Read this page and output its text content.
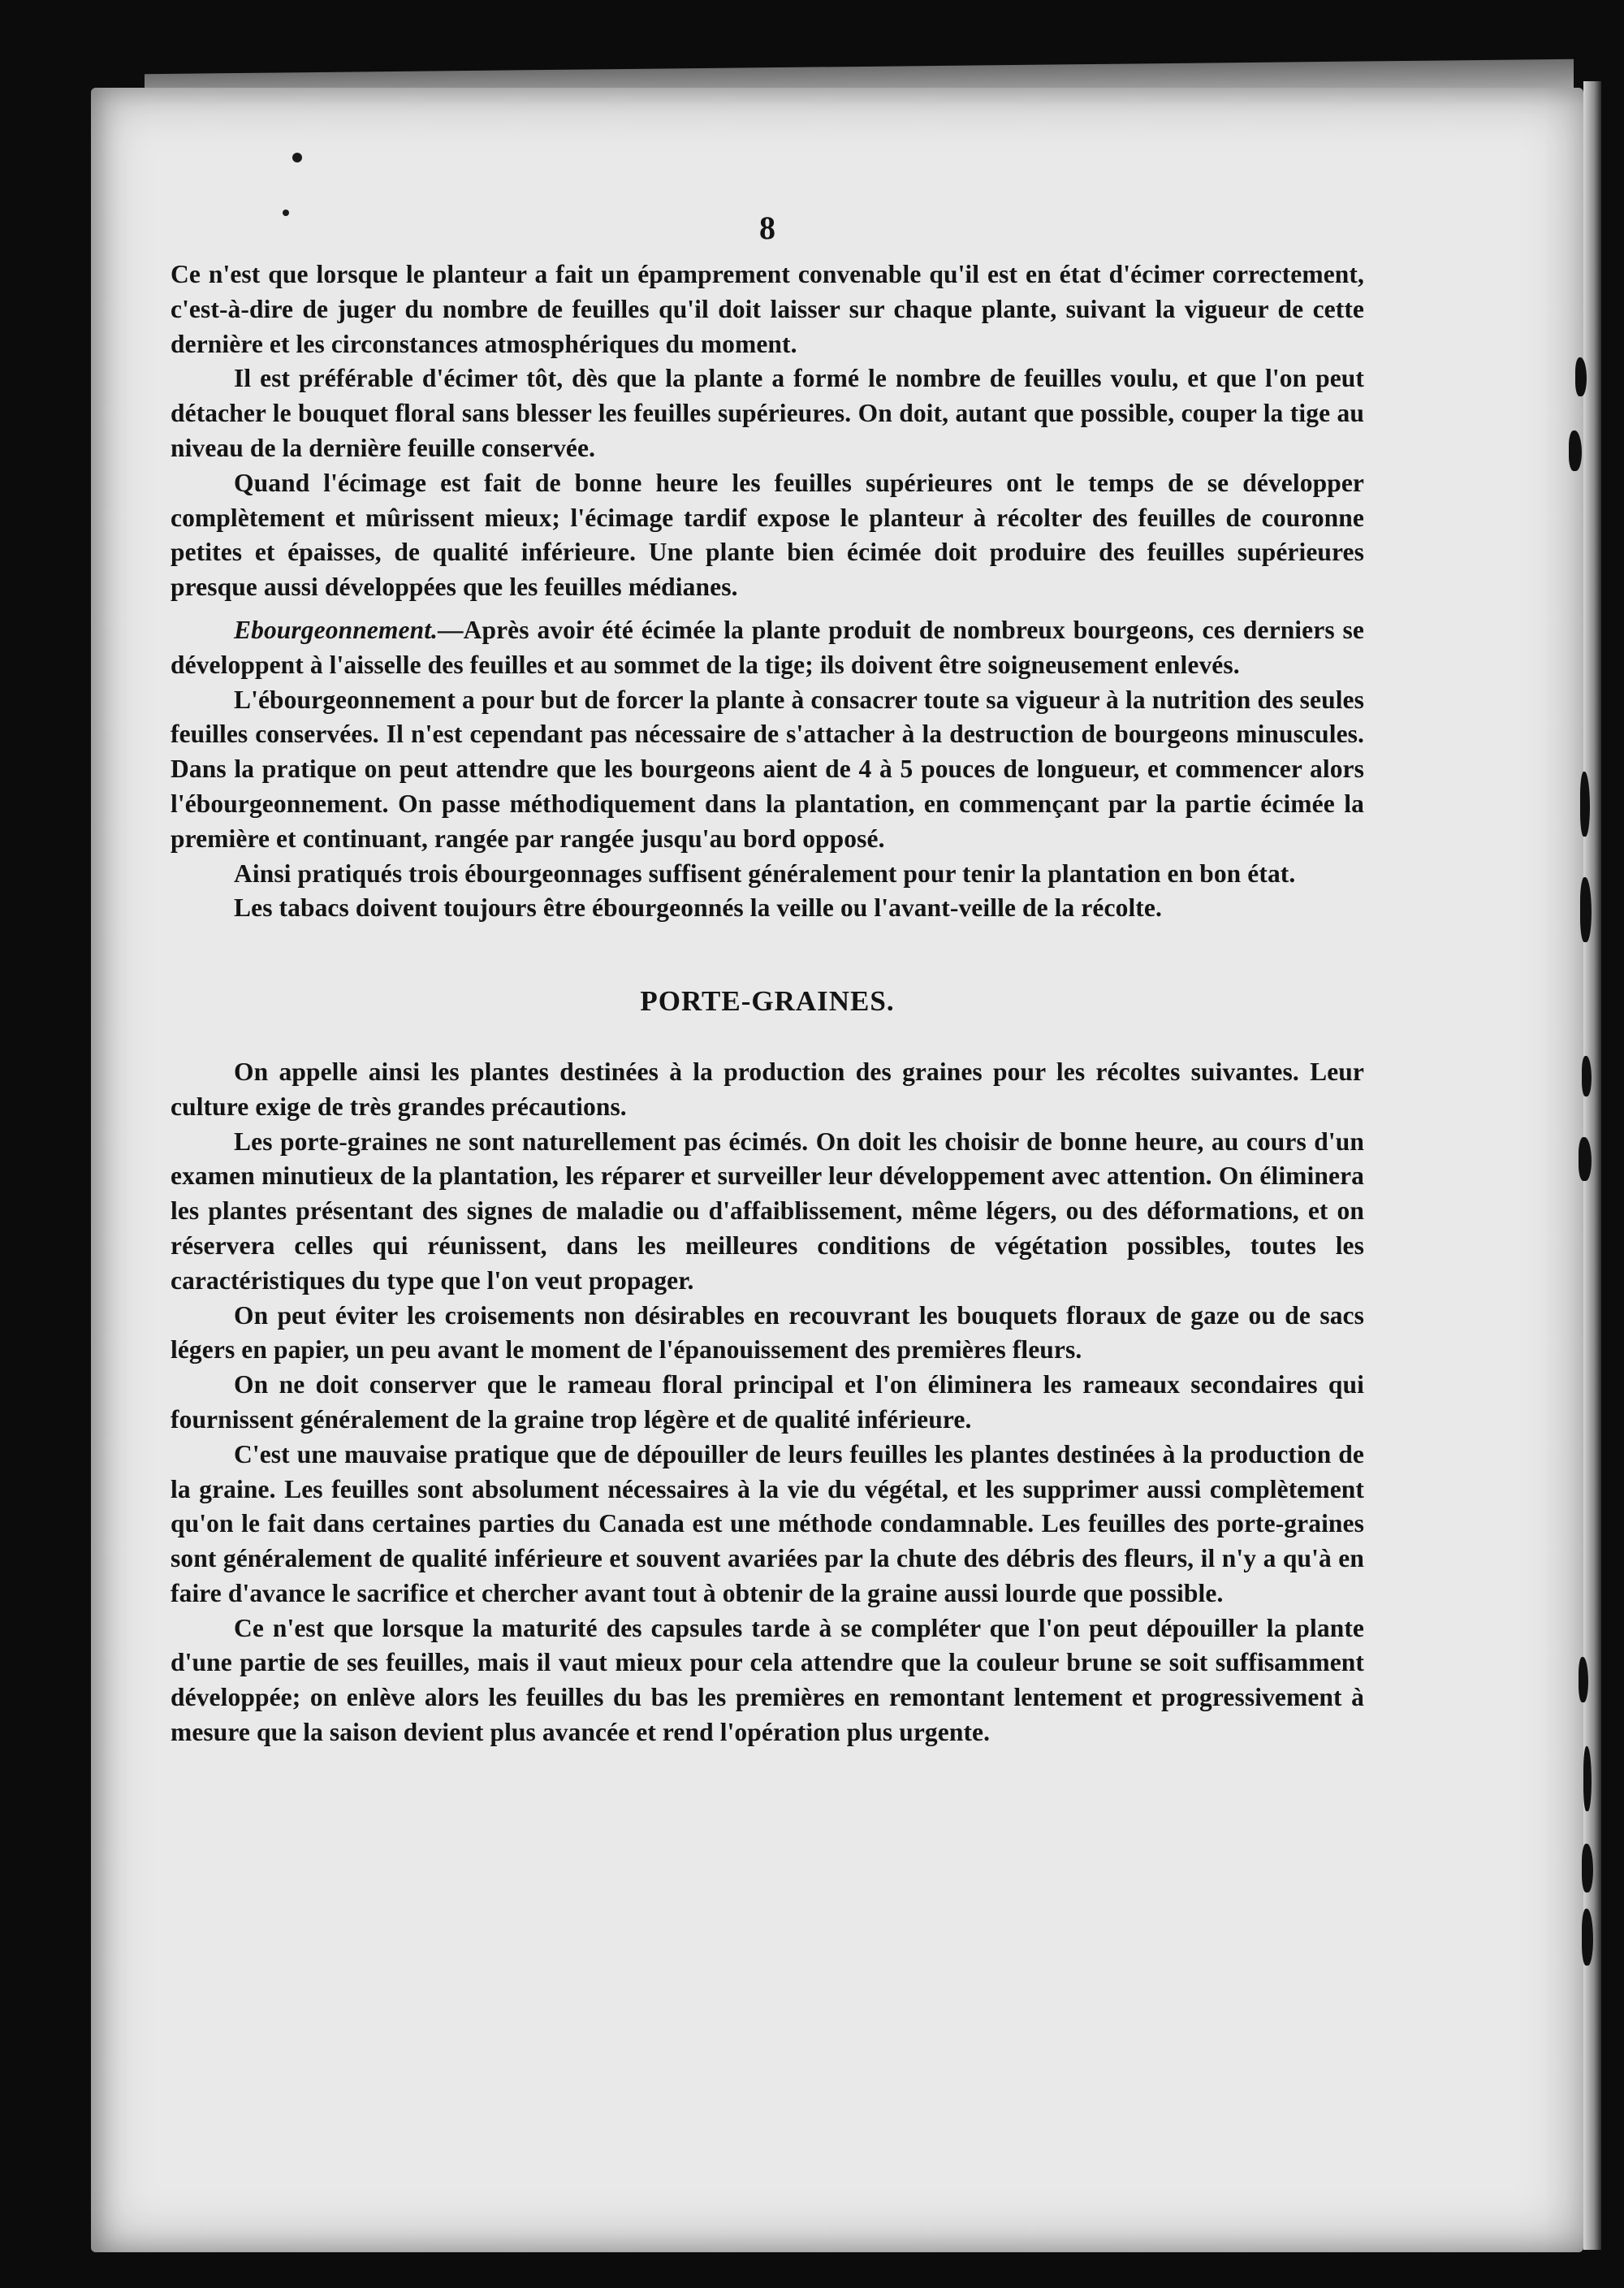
8

Ce n'est que lorsque le planteur a fait un épamprement convenable qu'il est en état d'écimer correctement, c'est-à-dire de juger du nombre de feuilles qu'il doit laisser sur chaque plante, suivant la vigueur de cette dernière et les circonstances atmosphériques du moment.

Il est préférable d'écimer tôt, dès que la plante a formé le nombre de feuilles voulu, et que l'on peut détacher le bouquet floral sans blesser les feuilles supérieures. On doit, autant que possible, couper la tige au niveau de la dernière feuille conservée.

Quand l'écimage est fait de bonne heure les feuilles supérieures ont le temps de se développer complètement et mûrissent mieux; l'écimage tardif expose le planteur à récolter des feuilles de couronne petites et épaisses, de qualité inférieure. Une plante bien écimée doit produire des feuilles supérieures presque aussi développées que les feuilles médianes.

Ebourgeonnement.—Après avoir été écimée la plante produit de nombreux bourgeons, ces derniers se développent à l'aisselle des feuilles et au sommet de la tige; ils doivent être soigneusement enlevés.

L'ébourgeonnement a pour but de forcer la plante à consacrer toute sa vigueur à la nutrition des seules feuilles conservées. Il n'est cependant pas nécessaire de s'attacher à la destruction de bourgeons minuscules. Dans la pratique on peut attendre que les bourgeons aient de 4 à 5 pouces de longueur, et commencer alors l'ébourgeonnement. On passe méthodiquement dans la plantation, en commençant par la partie écimée la première et continuant, rangée par rangée jusqu'au bord opposé.

Ainsi pratiqués trois ébourgeonnages suffisent généralement pour tenir la plantation en bon état.

Les tabacs doivent toujours être ébourgeonnés la veille ou l'avant-veille de la récolte.

PORTE-GRAINES.

On appelle ainsi les plantes destinées à la production des graines pour les récoltes suivantes. Leur culture exige de très grandes précautions.

Les porte-graines ne sont naturellement pas écimés. On doit les choisir de bonne heure, au cours d'un examen minutieux de la plantation, les réparer et surveiller leur développement avec attention. On éliminera les plantes présentant des signes de maladie ou d'affaiblissement, même légers, ou des déformations, et on réservera celles qui réunissent, dans les meilleures conditions de végétation possibles, toutes les caractéristiques du type que l'on veut propager.

On peut éviter les croisements non désirables en recouvrant les bouquets floraux de gaze ou de sacs légers en papier, un peu avant le moment de l'épanouissement des premières fleurs.

On ne doit conserver que le rameau floral principal et l'on éliminera les rameaux secondaires qui fournissent généralement de la graine trop légère et de qualité inférieure.

C'est une mauvaise pratique que de dépouiller de leurs feuilles les plantes destinées à la production de la graine. Les feuilles sont absolument nécessaires à la vie du végétal, et les supprimer aussi complètement qu'on le fait dans certaines parties du Canada est une méthode condamnable. Les feuilles des porte-graines sont généralement de qualité inférieure et souvent avariées par la chute des débris des fleurs, il n'y a qu'à en faire d'avance le sacrifice et chercher avant tout à obtenir de la graine aussi lourde que possible.

Ce n'est que lorsque la maturité des capsules tarde à se compléter que l'on peut dépouiller la plante d'une partie de ses feuilles, mais il vaut mieux pour cela attendre que la couleur brune se soit suffisamment développée; on enlève alors les feuilles du bas les premières en remontant lentement et progressivement à mesure que la saison devient plus avancée et rend l'opération plus urgente.
